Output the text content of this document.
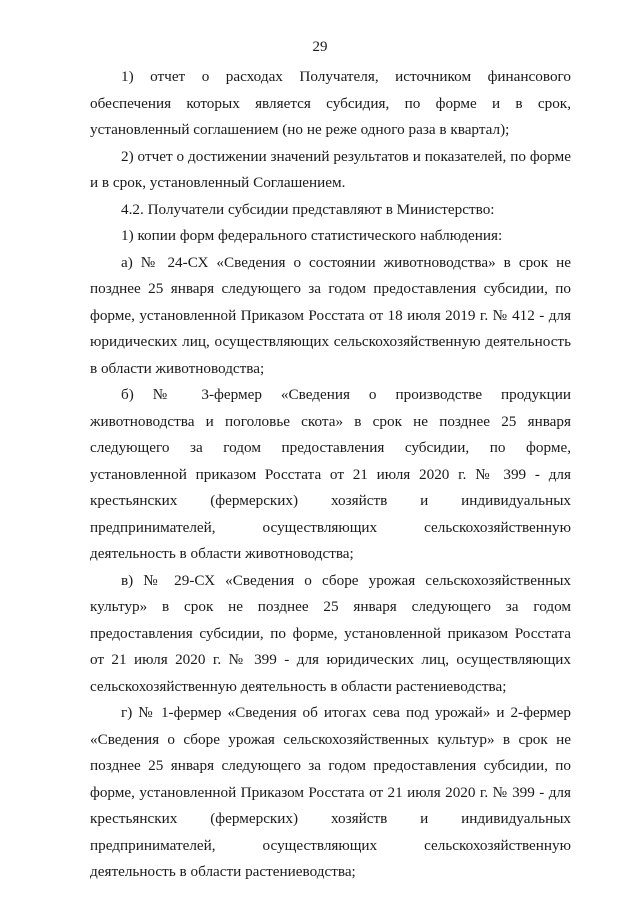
29

1) отчет о расходах Получателя, источником финансового обеспечения которых является субсидия, по форме и в срок, установленный соглашением (но не реже одного раза в квартал);

2) отчет о достижении значений результатов и показателей, по форме и в срок, установленный Соглашением.

4.2. Получатели субсидии представляют в Министерство:

1) копии форм федерального статистического наблюдения:

а) № 24-СХ «Сведения о состоянии животноводства» в срок не позднее 25 января следующего за годом предоставления субсидии, по форме, установленной Приказом Росстата от 18 июля 2019 г. № 412 - для юридических лиц, осуществляющих сельскохозяйственную деятельность в области животноводства;

б) № 3-фермер «Сведения о производстве продукции животноводства и поголовье скота» в срок не позднее 25 января следующего за годом предоставления субсидии, по форме, установленной приказом Росстата от 21 июля 2020 г. № 399 - для крестьянских (фермерских) хозяйств и индивидуальных предпринимателей, осуществляющих сельскохозяйственную деятельность в области животноводства;

в) № 29-СХ «Сведения о сборе урожая сельскохозяйственных культур» в срок не позднее 25 января следующего за годом предоставления субсидии, по форме, установленной приказом Росстата от 21 июля 2020 г. № 399 - для юридических лиц, осуществляющих сельскохозяйственную деятельность в области растениеводства;

г) № 1-фермер «Сведения об итогах сева под урожай» и 2-фермер «Сведения о сборе урожая сельскохозяйственных культур» в срок не позднее 25 января следующего за годом предоставления субсидии, по форме, установленной Приказом Росстата от 21 июля 2020 г. № 399 - для крестьянских (фермерских) хозяйств и индивидуальных предпринимателей, осуществляющих сельскохозяйственную деятельность в области растениеводства;
